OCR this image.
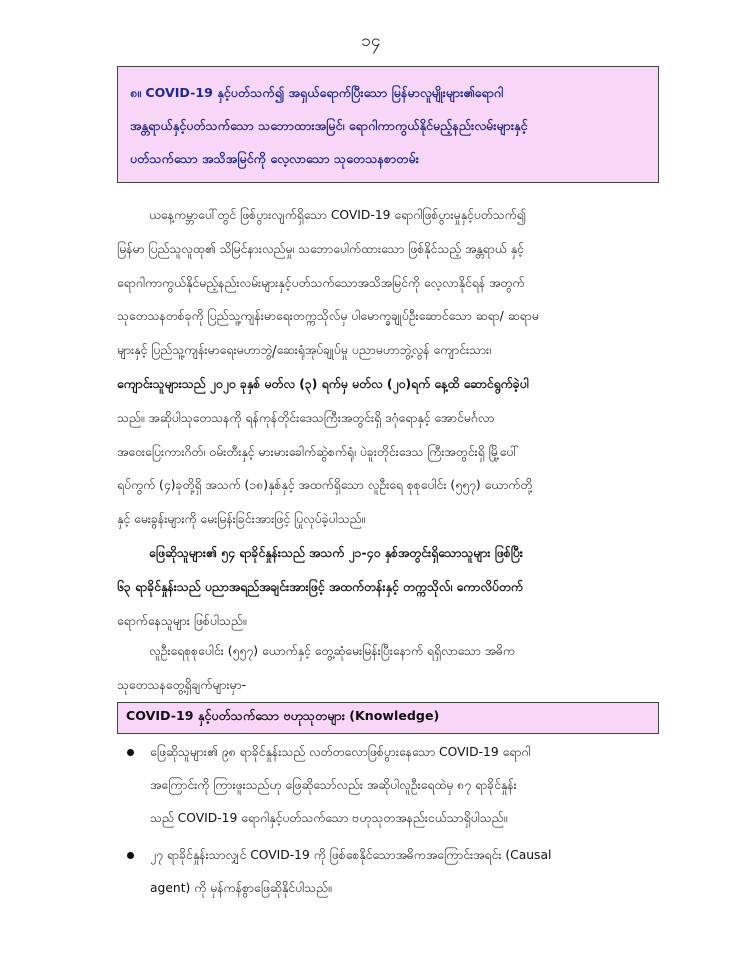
၁၄
၈။ COVID-19 နှင့်ပတ်သက်၍ အရှယ်ရောက်ပြီးသော မြန်မာလူမျိုးများ၏ရောဂါ
အန္တရာယ်နှင့်ပတ်သက်သော သဘောထားအမြင်၊ ရောဂါကာကွယ်နိုင်မည့်နည်းလမ်းများနှင့်
ပတ်သက်သော အသိအမြင်ကို လေ့လာသော သုတေသနစာတမ်း
ယနေ့ကမ္ဘာပေါ်တွင် ဖြစ်ပွားလျက်ရှိသော COVID-19 ရောဂါဖြစ်ပွားမှုနှင့်ပတ်သက်၍
မြန်မာ ပြည်သူလူထု၏ သိမြင်နားလည်မှု၊ သဘောပေါက်ထားသော ဖြစ်နိုင်သည့် အန္တရာယ် နှင့်
ရောဂါကာကွယ်နိုင်မည့်နည်းလမ်းများနှင့်ပတ်သက်သောအသိအမြင်ကို လေ့လာနိုင်ရန် အတွက်
သုတေသနတစ်ခုကို ပြည်သူ့ကျန်းမာရေးတက္ကသိုလ်မှ ပါမောက္ခချုပ်ဦးဆောင်သော ဆရာ/ ဆရာမ
များနှင့် ပြည်သူ့ကျန်းမာရေးမဟာဘွဲ့/ဆေးရုံအုပ်ချုပ်မှု ပညာမဟာဘွဲ့လွန် ကျောင်းသား၊
ကျောင်းသူများသည် ၂၀၂၀ ခုနှစ် မတ်လ (၃) ရက်မှ မတ်လ (၂၀)ရက် နေ့ထိ ဆောင်ရွက်ခဲ့ပါ
သည်။ အဆိုပါသုတေသနကို ရန်ကုန်တိုင်းဒေသကြီးအတွင်းရှိ ဒဂုံရောနှင့် အောင်မင်္ဂလာ
အဝေးပြေးကားဂိတ်၊ ဝမ်းတီးနှင့် မားမားခေါက်ဆွဲစက်ရုံ၊ ပဲခူးတိုင်းဒေသ ကြီးအတွင်းရှိ မြို့ပေါ်
ရပ်ကွက် (၄)ခုတို့ရှိ အသက် (၁၈)နှစ်နှင့် အထက်ရှိသော လူဦးရေ စုစုပေါင်း (၅၅၇) ယောက်တို့
နှင့် မေးခွန်းများကို မေးမြန်းခြင်းအားဖြင့် ပြုလုပ်ခဲ့ပါသည်။
ဖြေဆိုသူများ၏ ၅၄ ရာခိုင်နှုန်းသည် အသက် ၂၁-၄၀ နှစ်အတွင်းရှိသောသူများ ဖြစ်ပြီး
၆၃ ရာခိုင်နှုန်းသည် ပညာအရည်အချင်းအားဖြင့် အထက်တန်းနှင့် တက္ကသိုလ်၊ ကောလိပ်တက်
ရောက်နေသူများ ဖြစ်ပါသည်။
လူဦးရေစုစုပေါင်း (၅၅၇) ယောက်နှင့် တွေ့ဆုံမေးမြန်းပြီးနောက် ရရှိလာသော အဓိက
သုတေသနတွေ့ရှိချက်များမှာ-
COVID-19 နှင့်ပတ်သက်သော ဗဟုသုတများ (Knowledge)
ဖြေဆိုသူများ၏ ၉၈ ရာခိုင်နှုန်းသည် လတ်တလောဖြစ်ပွားနေသော COVID-19 ရောဂါ
အကြောင်းကို ကြားဖူးသည်ဟု ဖြေဆိုသော်လည်း အဆိုပါလူဦးရေထဲမှ ၈၇ ရာခိုင်နှုန်း
သည် COVID-19 ရောဂါနှင့်ပတ်သက်သော ဗဟုသုတအနည်းငယ်သာရှိပါသည်။
၂၇ ရာခိုင်နှုန်းသာလျှင် COVID-19 ကို ဖြစ်စေနိုင်သောအဓိကအကြောင်းအရင်း (Causal
agent) ကို မှန်ကန်စွာဖြေဆိုနိုင်ပါသည်။
